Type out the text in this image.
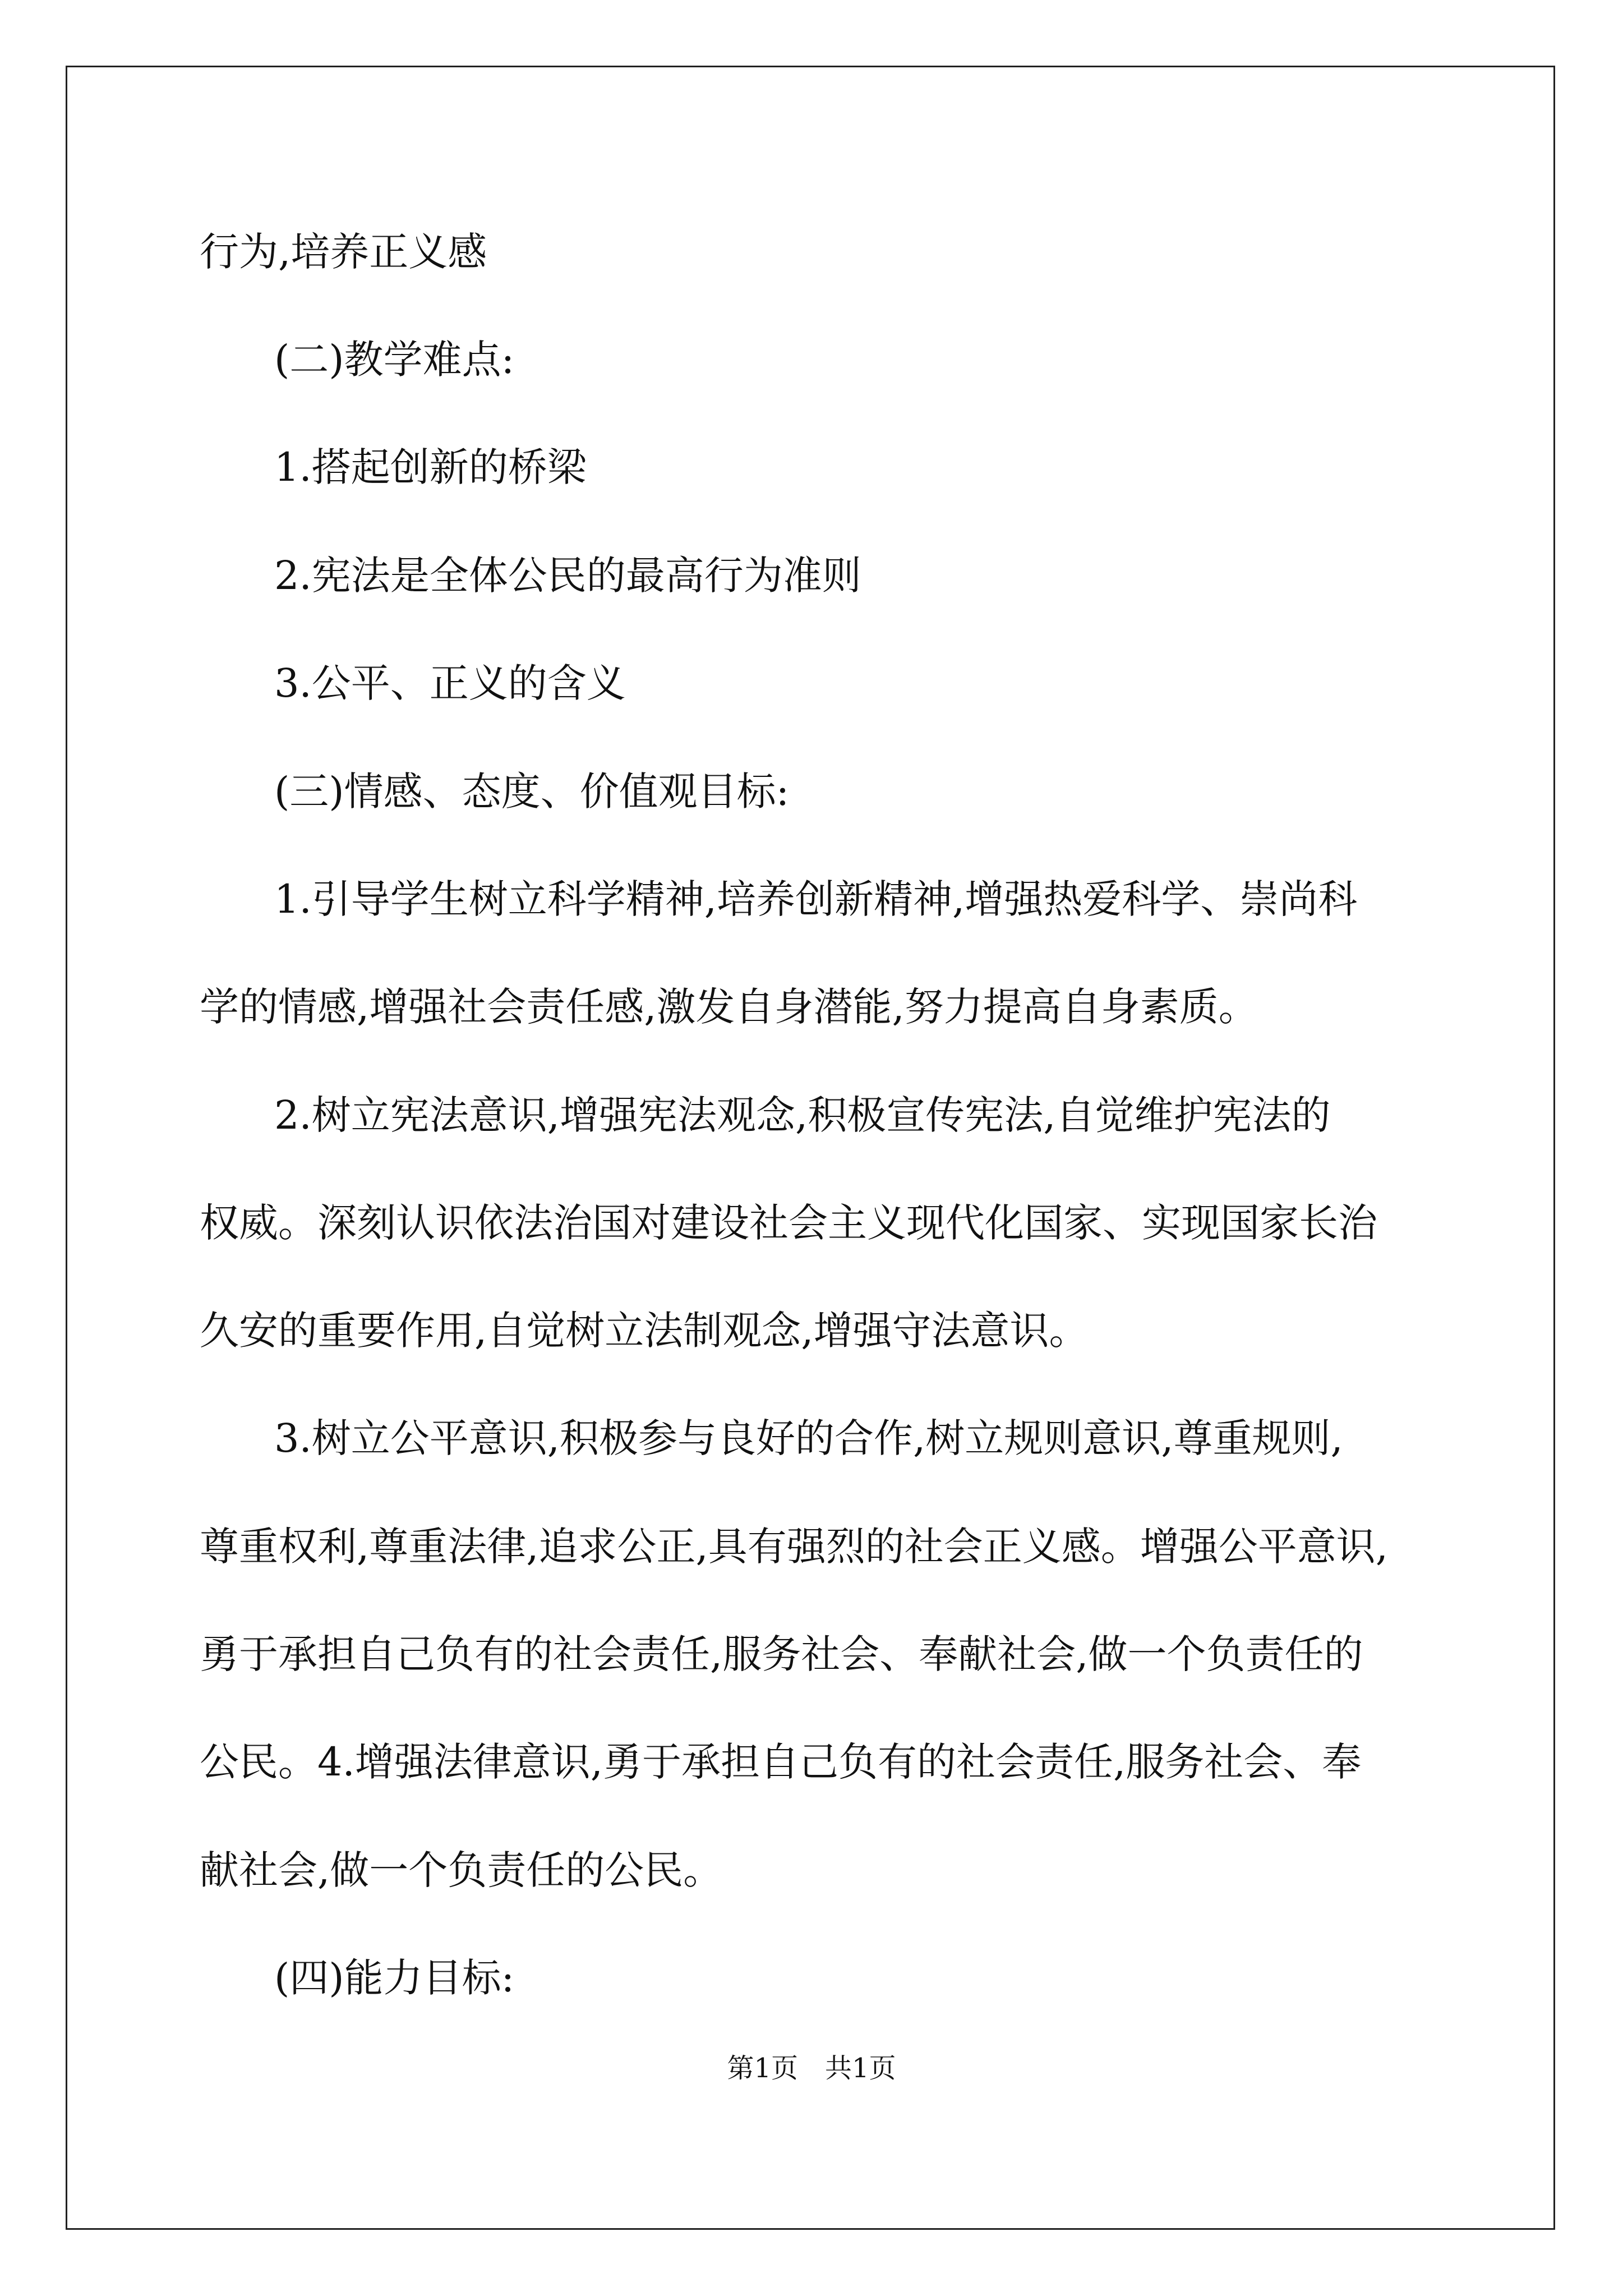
行为,培养正义感
(二)教学难点:
1.搭起创新的桥梁
2.宪法是全体公民的最高行为准则
3.公平、正义的含义
(三)情感、态度、价值观目标:
1.引导学生树立科学精神,培养创新精神,增强热爱科学、崇尚科
学的情感,增强社会责任感,激发自身潜能,努力提高自身素质。
2.树立宪法意识,增强宪法观念,积极宣传宪法,自觉维护宪法的
权威。深刻认识依法治国对建设社会主义现代化国家、实现国家长治
久安的重要作用,自觉树立法制观念,增强守法意识。
3.树立公平意识,积极参与良好的合作,树立规则意识,尊重规则,
尊重权利,尊重法律,追求公正,具有强烈的社会正义感。增强公平意识,
勇于承担自己负有的社会责任,服务社会、奉献社会,做一个负责任的
公民。4.增强法律意识,勇于承担自己负有的社会责任,服务社会、奉
献社会,做一个负责任的公民。
(四)能力目标:
第1页　共1页
